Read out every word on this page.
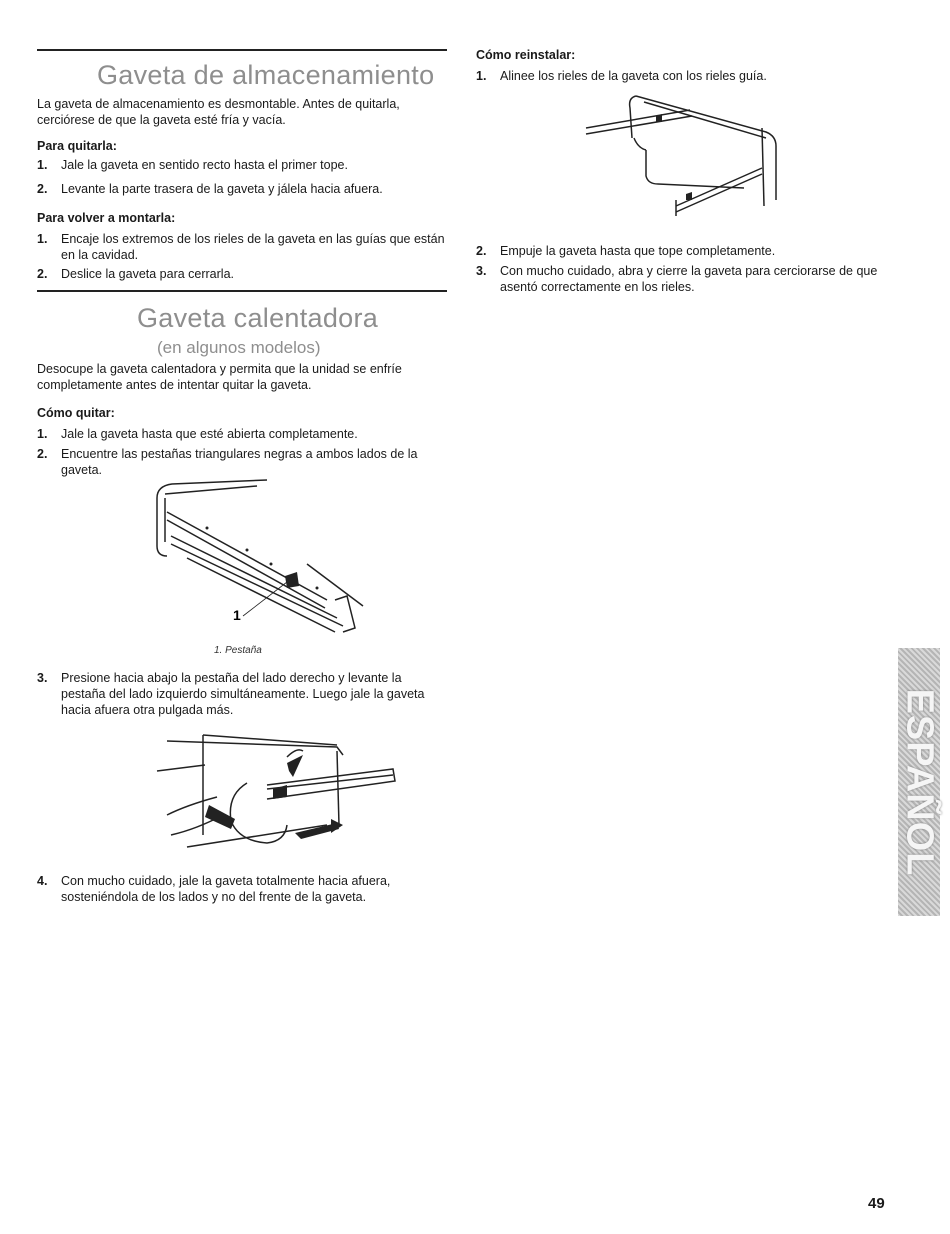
Gaveta de almacenamiento

La gaveta de almacenamiento es desmontable. Antes de quitarla, cerciórese de que la gaveta esté fría y vacía.

Para quitarla:

1. Jale la gaveta en sentido recto hasta el primer tope.
2. Levante la parte trasera de la gaveta y jálela hacia afuera.

Para volver a montarla:

1. Encaje los extremos de los rieles de la gaveta en las guías que están en la cavidad.
2. Deslice la gaveta para cerrarla.
Gaveta calentadora

(en algunos modelos)

Desocupe la gaveta calentadora y permita que la unidad se enfríe completamente antes de intentar quitar la gaveta.

Cómo quitar:

1. Jale la gaveta hasta que esté abierta completamente.
2. Encuentre las pestañas triangulares negras a ambos lados de la gaveta.
1

1. Pestaña

3. Presione hacia abajo la pestaña del lado derecho y levante la pestaña del lado izquierdo simultáneamente. Luego jale la gaveta hacia afuera otra pulgada más.
4. Con mucho cuidado, jale la gaveta totalmente hacia afuera, sosteniéndola de los lados y no del frente de la gaveta.

Cómo reinstalar:

1. Alinee los rieles de la gaveta con los rieles guía.
2. Empuje la gaveta hasta que tope completamente.
3. Con mucho cuidado, abra y cierre la gaveta para cerciorarse de que asentó correctamente en los rieles.
ESPAÑOL
49
